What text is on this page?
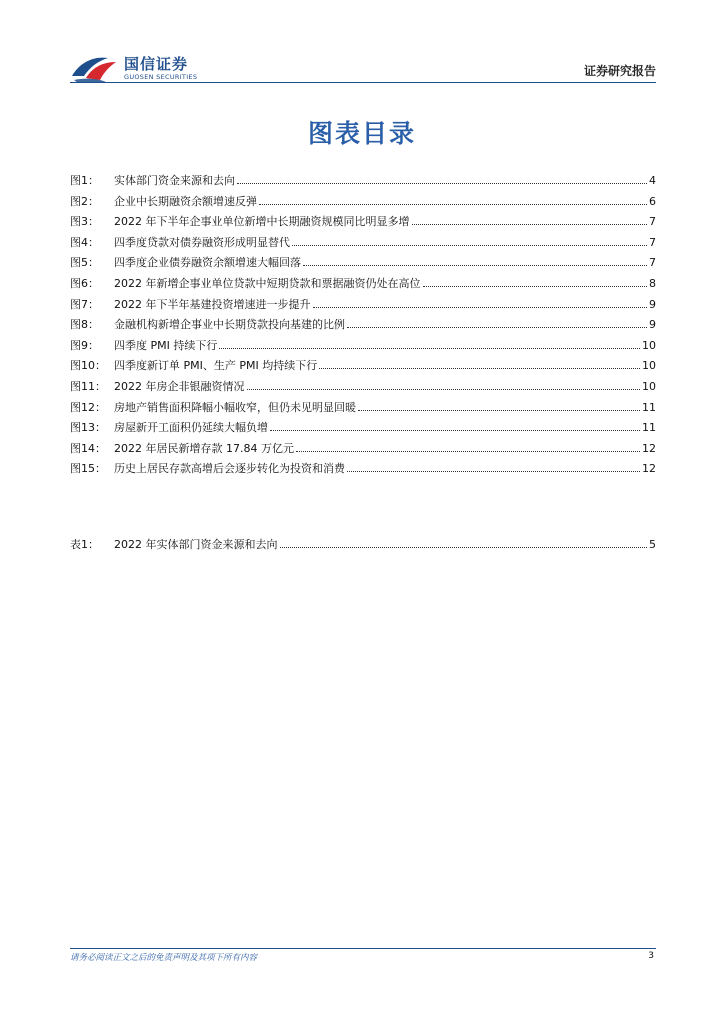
国信证券
GUOSEN SECURITIES	证券研究报告
图表目录
图1：	实体部门资金来源和去向	4
图2：	企业中长期融资余额增速反弹	6
图3：	2022 年下半年企事业单位新增中长期融资规模同比明显多增	7
图4：	四季度贷款对债券融资形成明显替代	7
图5：	四季度企业债券融资余额增速大幅回落	7
图6：	2022 年新增企事业单位贷款中短期贷款和票据融资仍处在高位	8
图7：	2022 年下半年基建投资增速进一步提升	9
图8：	金融机构新增企事业中长期贷款投向基建的比例	9
图9：	四季度 PMI 持续下行	10
图10： 四季度新订单 PMI、生产 PMI 均持续下行	10
图11： 2022 年房企非银融资情况	10
图12： 房地产销售面积降幅小幅收窄，但仍未见明显回暖	11
图13： 房屋新开工面积仍延续大幅负增	11
图14： 2022 年居民新增存款 17.84 万亿元	12
图15： 历史上居民存款高增后会逐步转化为投资和消费	12
表1：	2022 年实体部门资金来源和去向	5
请务必阅读正文之后的免责声明及其项下所有内容	3
